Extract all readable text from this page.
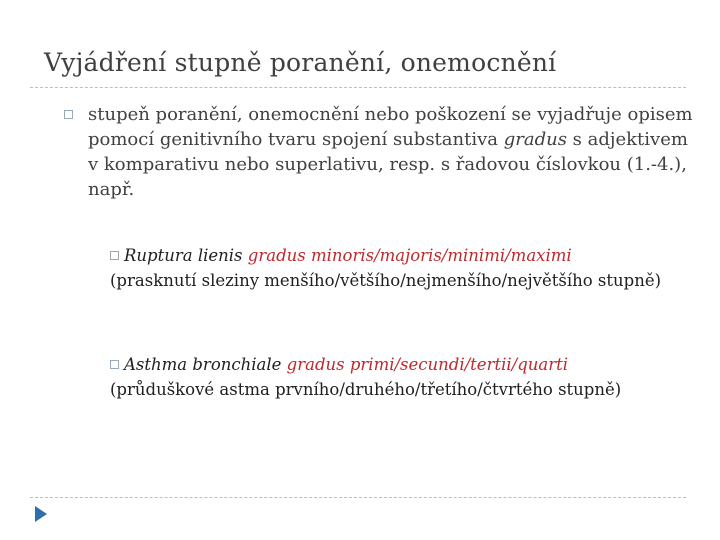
Vyjádření stupně poranění, onemocnění
stupeň poranění, onemocnění nebo poškození se vyjadřuje opisem pomocí genitivního tvaru spojení substantiva gradus s adjektivem v komparativu nebo superlativu, resp. s řadovou číslovkou (1.-4.), např.
Ruptura lienis gradus minoris/majoris/minimi/maximi
(prasknutí sleziny menšího/většího/nejmenšího/největšího stupně)
Asthma bronchiale gradus primi/secundi/tertii/quarti
(průduškové astma prvního/druhého/třetího/čtvrtého stupně)
